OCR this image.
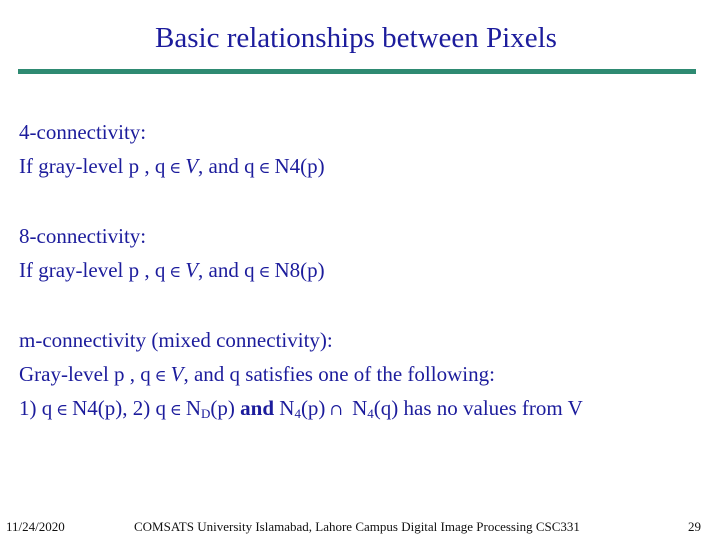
Basic relationships between Pixels
4-connectivity:
If gray-level p , q ∈ V, and q ∈ N4(p)
8-connectivity:
If gray-level p , q ∈ V, and q ∈ N8(p)
m-connectivity (mixed connectivity):
Gray-level p , q ∈ V, and q satisfies one of the following:
1) q ∈ N4(p), 2) q ∈ $N_D(p)$ and $N_4(p)$ ∩ $N_4(q)$ has no values from V
11/24/2020	COMSATS University Islamabad, Lahore Campus Digital Image Processing CSC331	29
